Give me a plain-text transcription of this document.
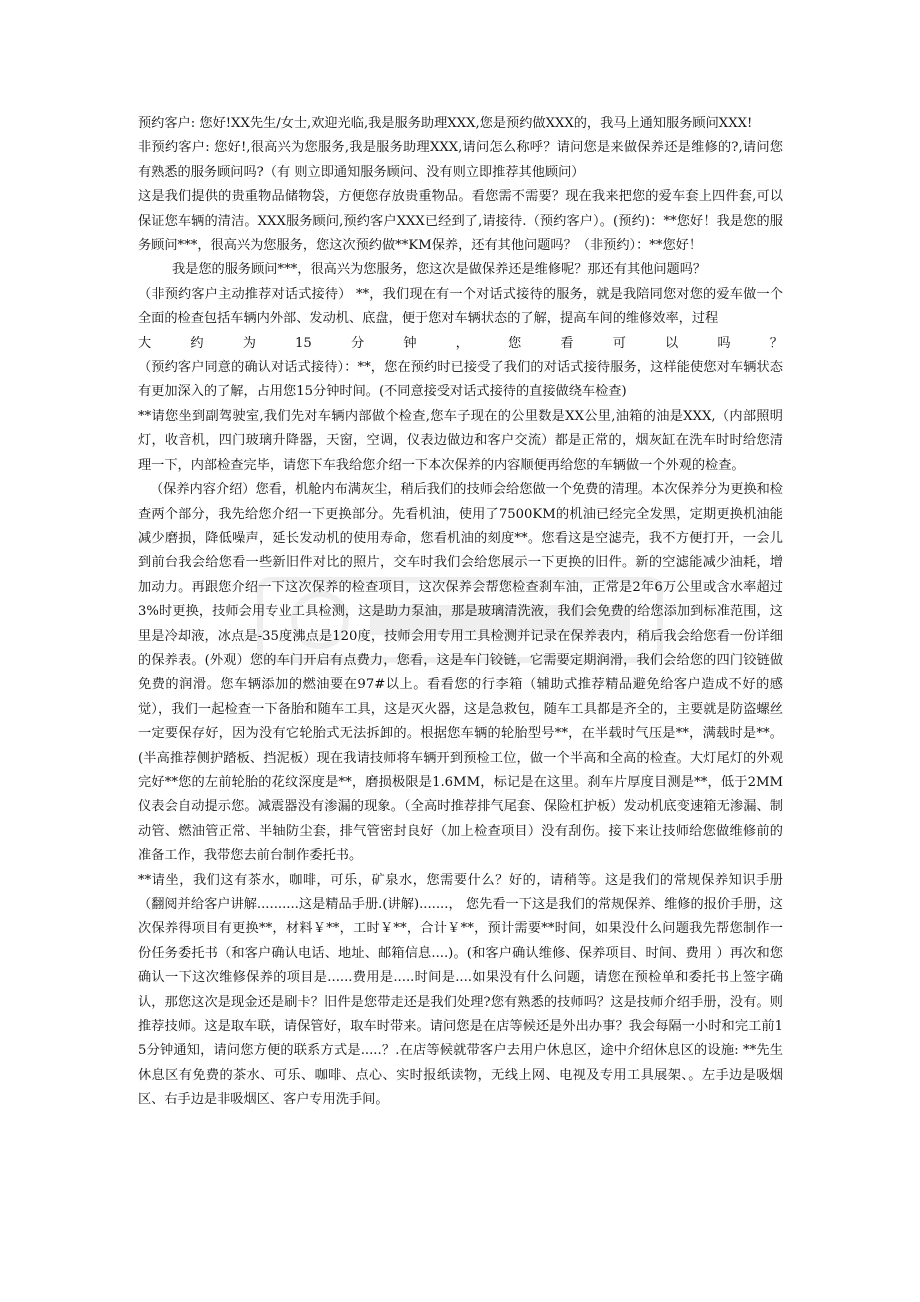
预约客户: 您好!XX先生/女士,欢迎光临,我是服务助理XXX,您是预约做XXX的，我马上通知服务顾问XXX!

非预约客户: 您好!,很高兴为您服务,我是服务助理XXX,请问怎么称呼？请问您是来做保养还是维修的?,请问您有熟悉的服务顾问吗?（有 则立即通知服务顾问、没有则立即推荐其他顾问）

这是我们提供的贵重物品储物袋，方便您存放贵重物品。看您需不需要？现在我来把您的爱车套上四件套,可以保证您车辆的清洁。XXX服务顾问,预约客户XXX已经到了,请接待.（预约客户）。(预约)：**您好！我是您的服务顾问***，很高兴为您服务，您这次预约做**KM保养，还有其他问题吗？（非预约）：**您好！

我是您的服务顾问***，很高兴为您服务，您这次是做保养还是维修呢？那还有其他问题吗？

（非预约客户主动推荐对话式接待） **，我们现在有一个对话式接待的服务，就是我陪同您对您的爱车做一个全面的检查包括车辆内外部、发动机、底盘，便于您对车辆状态的了解，提高车间的维修效率，过程

大	约	为	15	分	钟	，	您	看	可	以	吗	？

（预约客户同意的确认对话式接待）：**，您在预约时已接受了我们的对话式接待服务，这样能使您对车辆状态有更加深入的了解，占用您15分钟时间。(不同意接受对话式接待的直接做绕车检查)

**请您坐到副驾驶室,我们先对车辆内部做个检查,您车子现在的公里数是XX公里,油箱的油是XXX,（内部照明灯，收音机，四门玻璃升降器，天窗，空调，仪表边做边和客户交流）都是正常的，烟灰缸在洗车时时给您清理一下，内部检查完毕，请您下车我给您介绍一下本次保养的内容顺便再给您的车辆做一个外观的检查。

（保养内容介绍）您看，机舱内布满灰尘，稍后我们的技师会给您做一个免费的清理。本次保养分为更换和检查两个部分，我先给您介绍一下更换部分。先看机油，使用了7500KM的机油已经完全发黑，定期更换机油能减少磨损，降低噪声，延长发动机的使用寿命，您看机油的刻度**。您看这是空滤壳，我不方便打开，一会儿到前台我会给您看一些新旧件对比的照片，交车时我们会给您展示一下更换的旧件。新的空滤能减少油耗，增加动力。再跟您介绍一下这次保养的检查项目，这次保养会帮您检查刹车油，正常是2年6万公里或含水率超过3%时更换，技师会用专业工具检测，这是助力泵油，那是玻璃清洗液，我们会免费的给您添加到标准范围，这里是冷却液，冰点是-35度沸点是120度，技师会用专用工具检测并记录在保养表内，稍后我会给您看一份详细的保养表。(外观）您的车门开启有点费力，您看，这是车门铰链，它需要定期润滑，我们会给您的四门铰链做免费的润滑。您车辆添加的燃油要在97#以上。看看您的行李箱（辅助式推荐精品避免给客户造成不好的感觉），我们一起检查一下备胎和随车工具，这是灭火器，这是急救包，随车工具都是齐全的，主要就是防盗螺丝一定要保存好，因为没有它轮胎式无法拆卸的。根据您车辆的轮胎型号**，在半载时气压是**，满载时是**。(半高推荐侧护踏板、挡泥板）现在我请技师将车辆开到预检工位，做一个半高和全高的检查。大灯尾灯的外观完好**您的左前轮胎的花纹深度是**，磨损极限是1.6MM，标记是在这里。刹车片厚度目测是**，低于2MM仪表会自动提示您。减震器没有渗漏的现象。（全高时推荐排气尾套、保险杠护板）发动机底变速箱无渗漏、制动管、燃油管正常、半轴防尘套，排气管密封良好（加上检查项目）没有刮伤。接下来让技师给您做维修前的准备工作，我带您去前台制作委托书。

**请坐，我们这有茶水，咖啡，可乐，矿泉水，您需要什么？好的，请稍等。这是我们的常规保养知识手册（翻阅并给客户讲解..........这是精品手册.(讲解).......， 您先看一下这是我们的常规保养、维修的报价手册，这次保养得项目有更换**，材料￥**，工时￥**，合计￥**，预计需要**时间，如果没什么问题我先帮您制作一份任务委托书（和客户确认电话、地址、邮箱信息....)。(和客户确认维修、保养项目、时间、费用 ）再次和您确认一下这次维修保养的项目是......费用是.....时间是....如果没有什么问题，请您在预检单和委托书上签字确认，那您这次是现金还是刷卡？旧件是您带走还是我们处理?您有熟悉的技师吗？这是技师介绍手册，没有。则推荐技师。这是取车联，请保管好，取车时带来。请问您是在店等候还是外出办事？我会每隔一小时和完工前15分钟通知，请问您方便的联系方式是.....？.在店等候就带客户去用户休息区，途中介绍休息区的设施: **先生休息区有免费的茶水、可乐、咖啡、点心、实时报纸读物，无线上网、电视及专用工具展架、。左手边是吸烟区、右手边是非吸烟区、客户专用洗手间。
